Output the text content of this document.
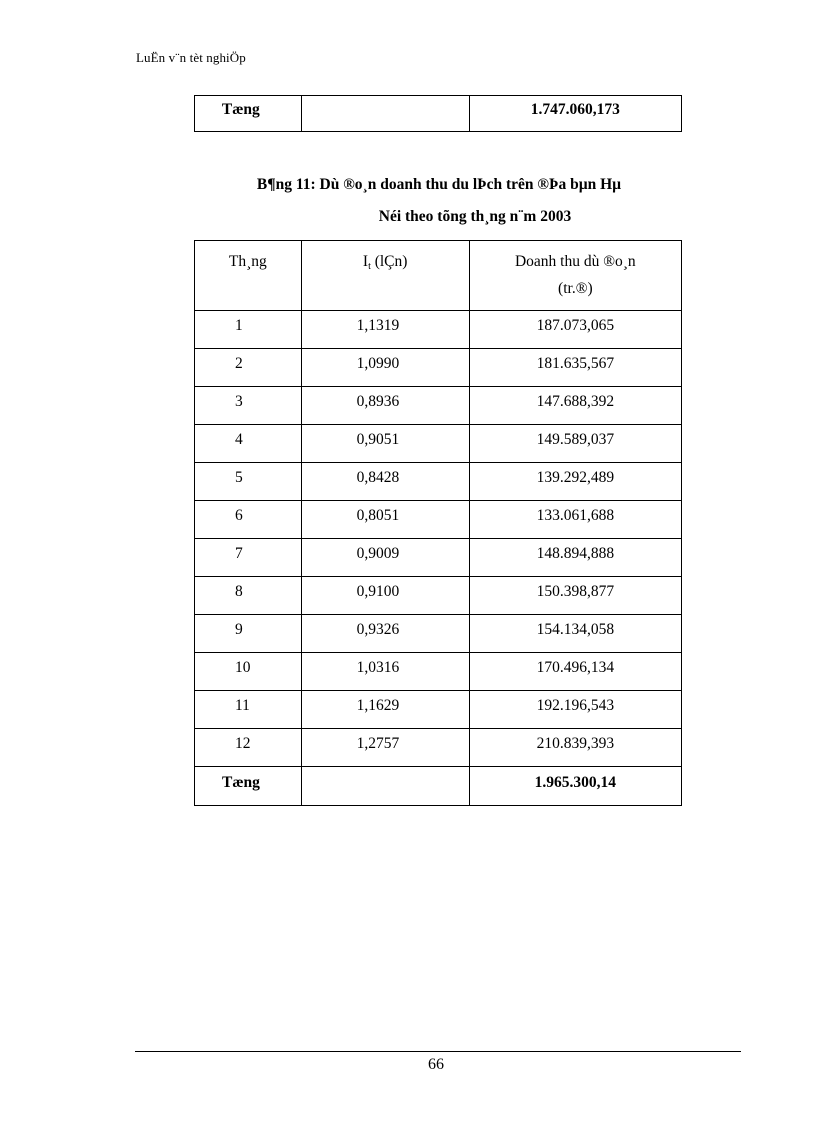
LuËn v¨n tèt nghiÖp
Tæng		1.747.060,173
B¶ng 11: Dù ®o¸n doanh thu du lÞch trên ®Þa bµn Hµ
Néi theo tõng th¸ng n¨m 2003
Th¸ng	$I_t$ (lÇn)	Doanh thu dù ®o¸n
(tr.®)
1	1,1319	187.073,065
2	1,0990	181.635,567
3	0,8936	147.688,392
4	0,9051	149.589,037
5	0,8428	139.292,489
6	0,8051	133.061,688
7	0,9009	148.894,888
8	0,9100	150.398,877
9	0,9326	154.134,058
10	1,0316	170.496,134
11	1,1629	192.196,543
12	1,2757	210.839,393
Tæng		1.965.300,14
66
